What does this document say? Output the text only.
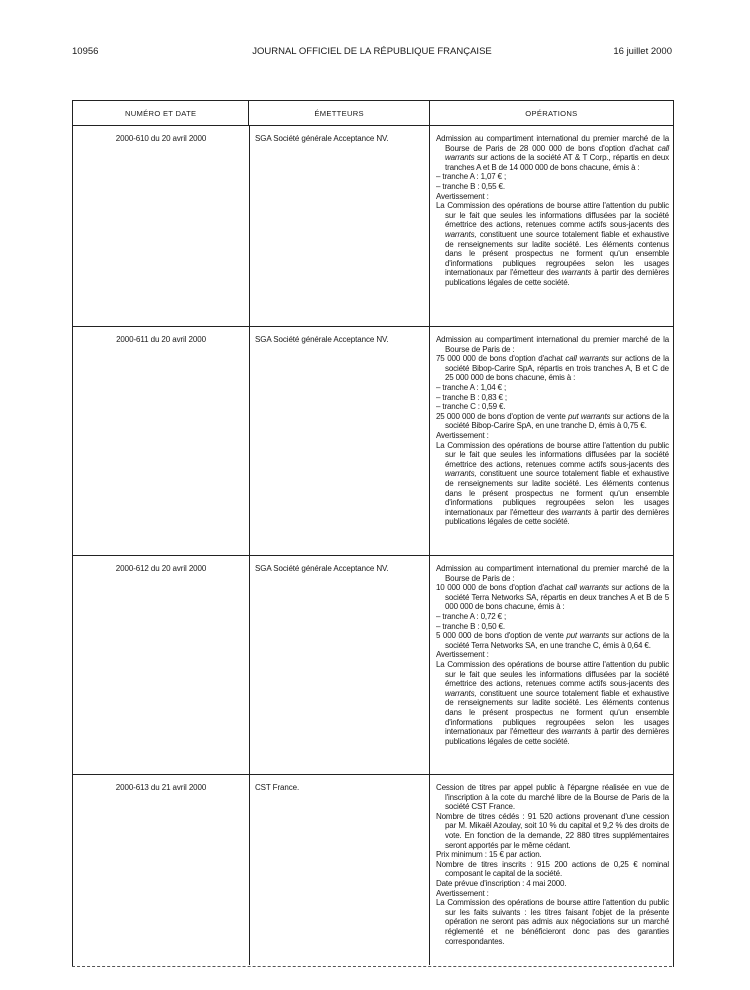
10956	JOURNAL OFFICIEL DE LA RÉPUBLIQUE FRANÇAISE	16 juillet 2000
NUMÉRO ET DATE	ÉMETTEURS	OPÉRATIONS
2000-610 du 20 avril 2000	SGA Société générale Acceptance NV.	Admission au compartiment international du premier marché de la Bourse de Paris de 28 000 000 de bons d'option d'achat call warrants sur actions de la société AT & T Corp., répartis en deux tranches A et B de 14 000 000 de bons chacune, émis à :

– tranche A : 1,07 € ;

– tranche B : 0,55 €.

Avertissement :

La Commission des opérations de bourse attire l'attention du public sur le fait que seules les informations diffusées par la société émettrice des actions, retenues comme actifs sous-jacents des warrants, constituent une source totalement fiable et exhaustive de renseignements sur ladite société. Les éléments contenus dans le présent prospectus ne forment qu'un ensemble d'informations publiques regroupées selon les usages internationaux par l'émetteur des warrants à partir des dernières publications légales de cette société.

2000-611 du 20 avril 2000	SGA Société générale Acceptance NV.	Admission au compartiment international du premier marché de la Bourse de Paris de :

75 000 000 de bons d'option d'achat call warrants sur actions de la société Bibop-Carire SpA, répartis en trois tranches A, B et C de 25 000 000 de bons chacune, émis à :

– tranche A : 1,04 € ;

– tranche B : 0,83 € ;

– tranche C : 0,59 €.

25 000 000 de bons d'option de vente put warrants sur actions de la société Bibop-Carire SpA, en une tranche D, émis à 0,75 €.

Avertissement :

La Commission des opérations de bourse attire l'attention du public sur le fait que seules les informations diffusées par la société émettrice des actions, retenues comme actifs sous-jacents des warrants, constituent une source totalement fiable et exhaustive de renseignements sur ladite société. Les éléments contenus dans le présent prospectus ne forment qu'un ensemble d'informations publiques regroupées selon les usages internationaux par l'émetteur des warrants à partir des dernières publications légales de cette société.

2000-612 du 20 avril 2000	SGA Société générale Acceptance NV.	Admission au compartiment international du premier marché de la Bourse de Paris de :

10 000 000 de bons d'option d'achat call warrants sur actions de la société Terra Networks SA, répartis en deux tranches A et B de 5 000 000 de bons chacune, émis à :

– tranche A : 0,72 € ;

– tranche B : 0,50 €.

5 000 000 de bons d'option de vente put warrants sur actions de la société Terra Networks SA, en une tranche C, émis à 0,64 €.

Avertissement :

La Commission des opérations de bourse attire l'attention du public sur le fait que seules les informations diffusées par la société émettrice des actions, retenues comme actifs sous-jacents des warrants, constituent une source totalement fiable et exhaustive de renseignements sur ladite société. Les éléments contenus dans le présent prospectus ne forment qu'un ensemble d'informations publiques regroupées selon les usages internationaux par l'émetteur des warrants à partir des dernières publications légales de cette société.

2000-613 du 21 avril 2000	CST France.	Cession de titres par appel public à l'épargne réalisée en vue de l'inscription à la cote du marché libre de la Bourse de Paris de la société CST France.

Nombre de titres cédés : 91 520 actions provenant d'une cession par M. Mikaël Azoulay, soit 10 % du capital et 9,2 % des droits de vote. En fonction de la demande, 22 880 titres supplémentaires seront apportés par le même cédant.

Prix minimum : 15 € par action.

Nombre de titres inscrits : 915 200 actions de 0,25 € nominal composant le capital de la société.

Date prévue d'inscription : 4 mai 2000.

Avertissement :

La Commission des opérations de bourse attire l'attention du public sur les faits suivants : les titres faisant l'objet de la présente opération ne seront pas admis aux négociations sur un marché réglementé et ne bénéficieront donc pas des garanties correspondantes.
